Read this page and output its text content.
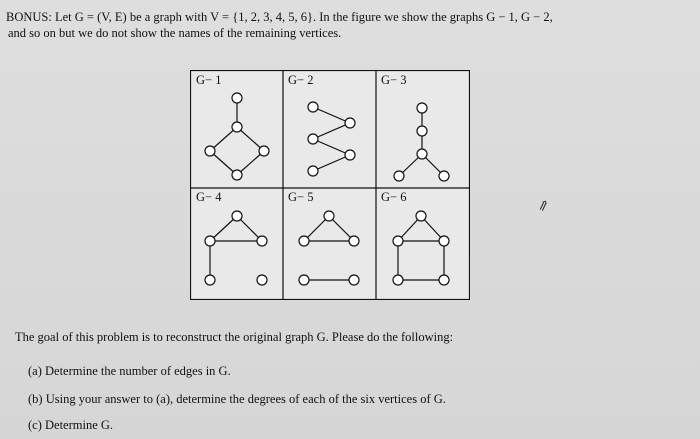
BONUS: Let G = (V, E) be a graph with V = {1, 2, 3, 4, 5, 6}. In the figure we show the graphs G − 1, G − 2,
and so on but we do not show the names of the remaining vertices.
G− 1	G− 2	G− 3
G− 4	G− 5	G− 6
⇗
The goal of this problem is to reconstruct the original graph G. Please do the following:
(a) Determine the number of edges in G.
(b) Using your answer to (a), determine the degrees of each of the six vertices of G.
(c) Determine G.
